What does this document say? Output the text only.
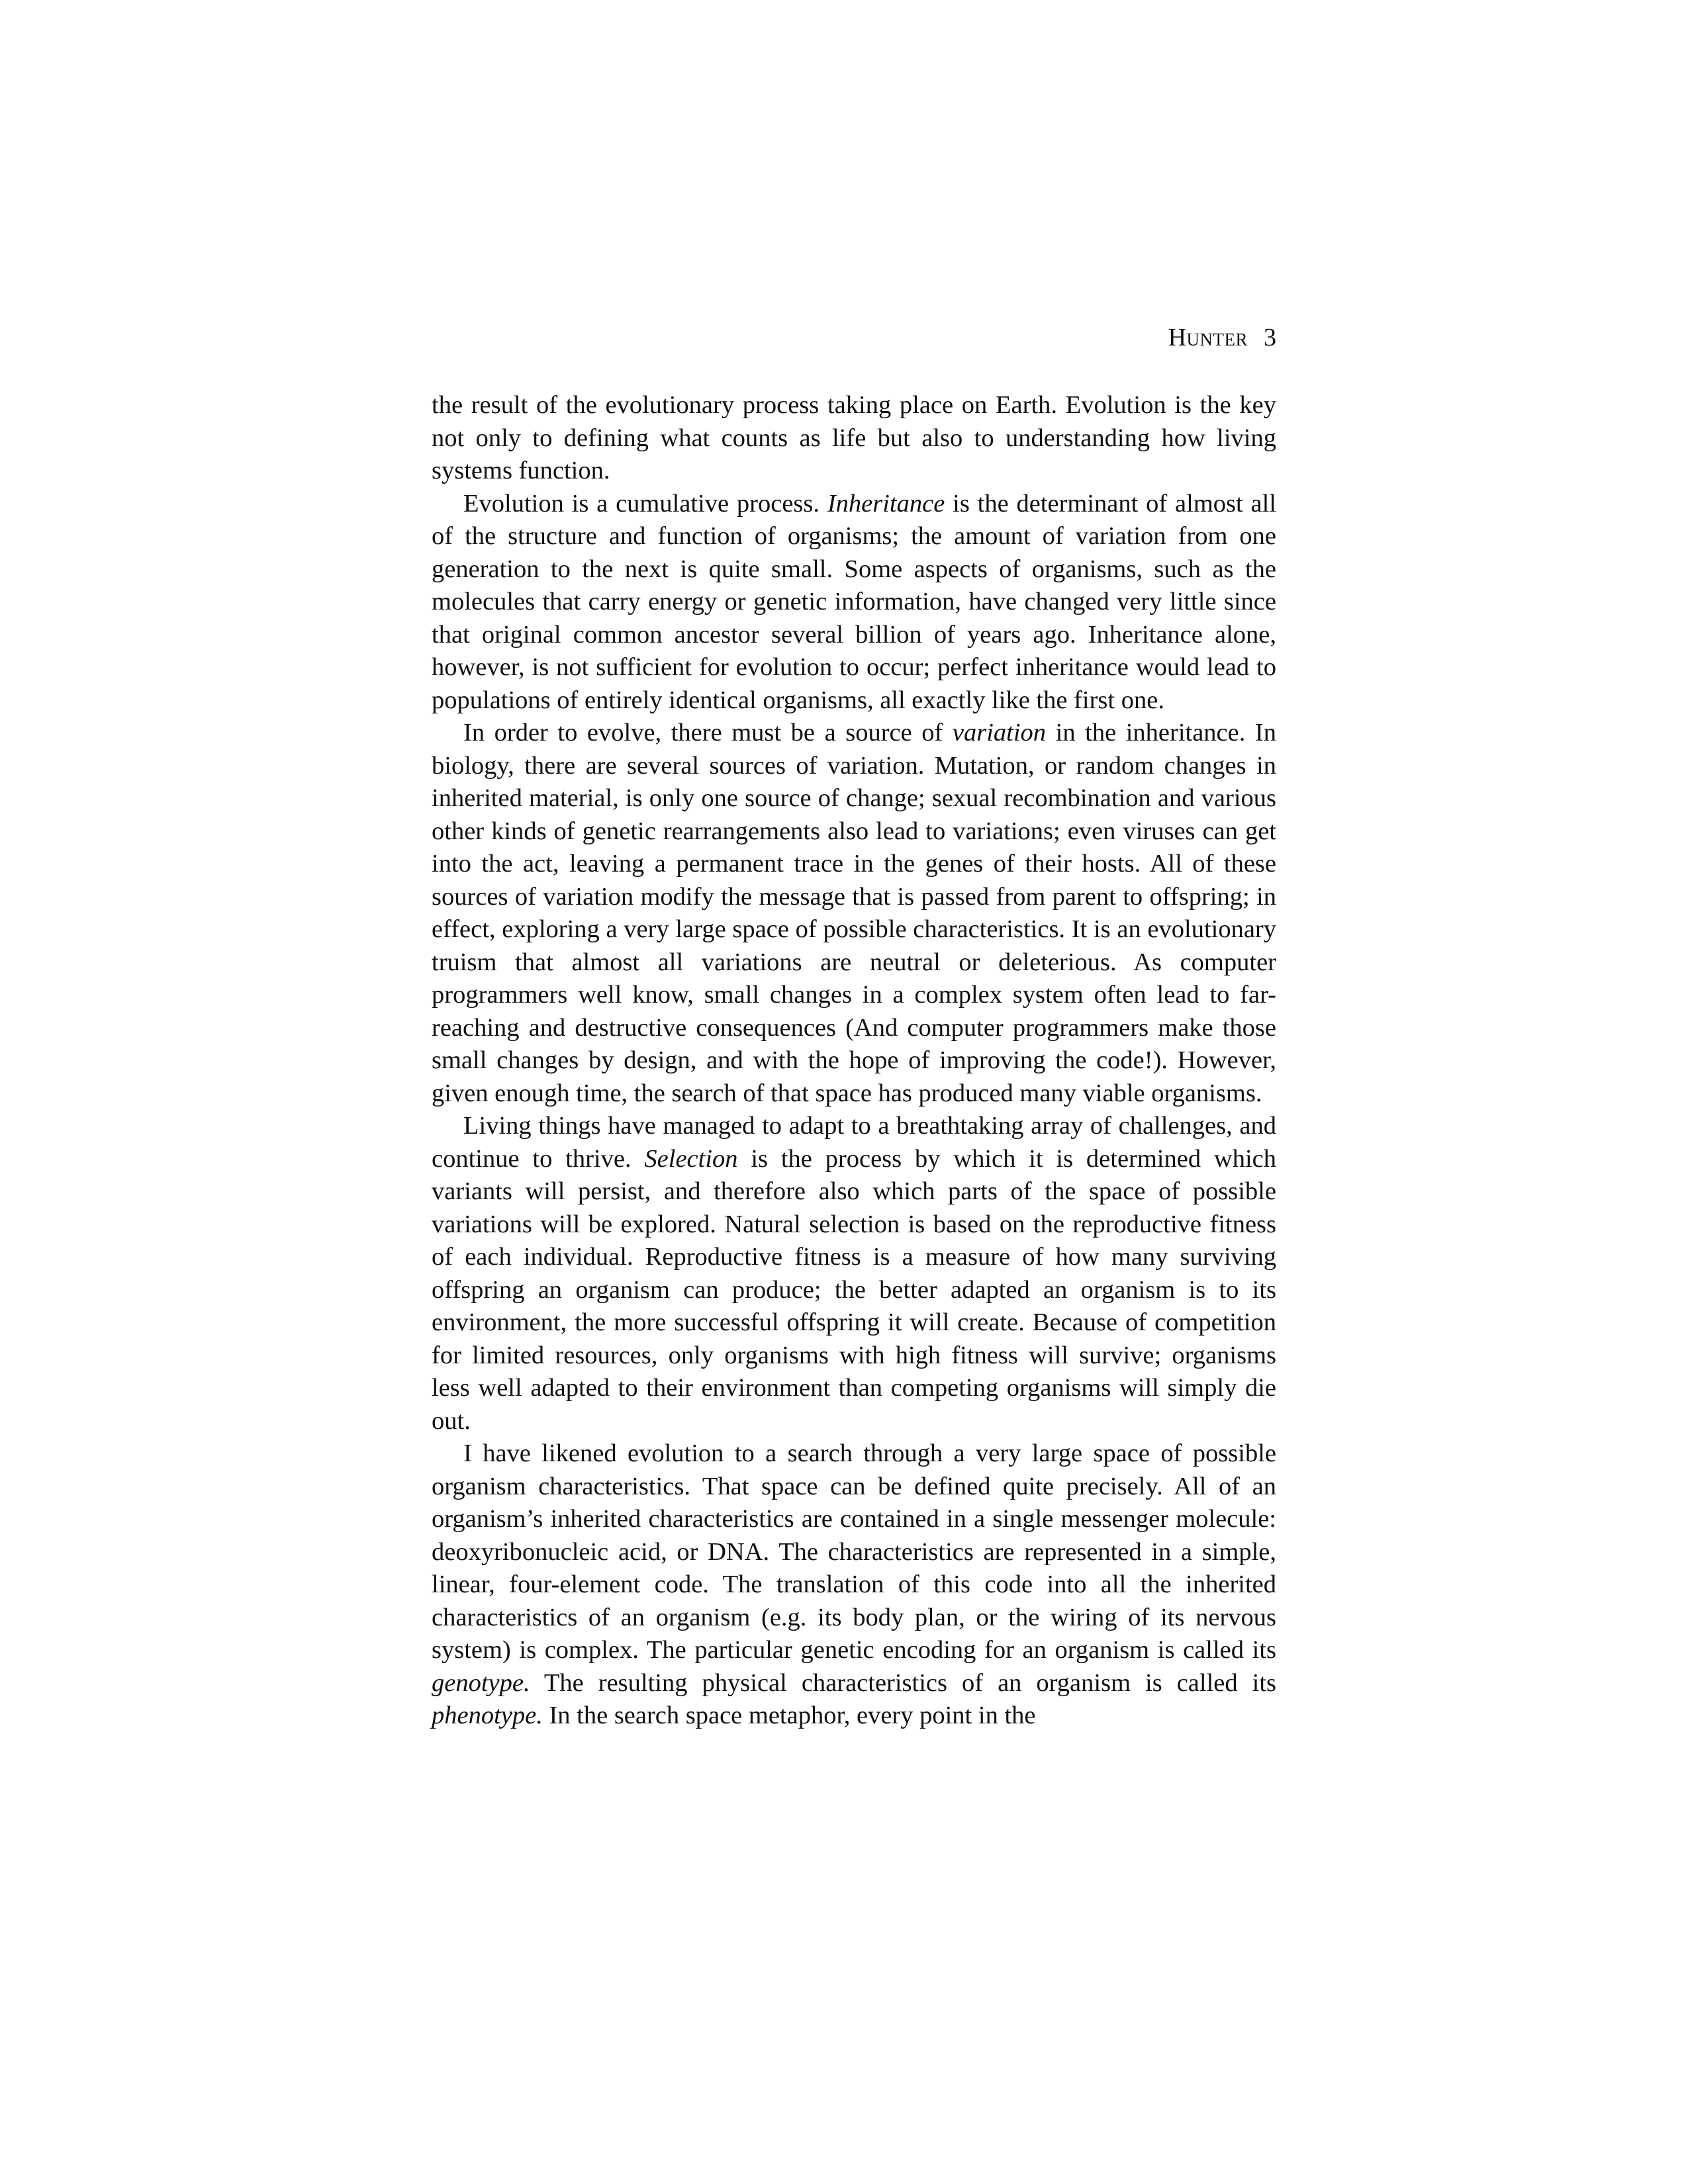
Hunter 3

the result of the evolutionary process taking place on Earth. Evolution is the key not only to defining what counts as life but also to understanding how living systems function.

Evolution is a cumulative process. Inheritance is the determinant of almost all of the structure and function of organisms; the amount of variation from one generation to the next is quite small. Some aspects of organisms, such as the molecules that carry energy or genetic information, have changed very little since that original common ancestor several billion of years ago. Inheritance alone, however, is not sufficient for evolution to occur; perfect inheritance would lead to populations of entirely identical organisms, all exactly like the first one.

In order to evolve, there must be a source of variation in the inheritance. In biology, there are several sources of variation. Mutation, or random changes in inherited material, is only one source of change; sexual recombination and various other kinds of genetic rearrangements also lead to variations; even viruses can get into the act, leaving a permanent trace in the genes of their hosts. All of these sources of variation modify the message that is passed from parent to offspring; in effect, exploring a very large space of possible characteristics. It is an evolutionary truism that almost all variations are neutral or deleterious. As computer programmers well know, small changes in a complex system often lead to far-reaching and destructive consequences (And computer programmers make those small changes by design, and with the hope of improving the code!). However, given enough time, the search of that space has produced many viable organisms.

Living things have managed to adapt to a breathtaking array of challenges, and continue to thrive. Selection is the process by which it is determined which variants will persist, and therefore also which parts of the space of possible variations will be explored. Natural selection is based on the reproductive fitness of each individual. Reproductive fitness is a measure of how many surviving offspring an organism can produce; the better adapted an organism is to its environment, the more successful offspring it will create. Because of competition for limited resources, only organisms with high fitness will survive; organisms less well adapted to their environment than competing organisms will simply die out.

I have likened evolution to a search through a very large space of possible organism characteristics. That space can be defined quite precisely. All of an organism’s inherited characteristics are contained in a single messenger molecule: deoxyribonucleic acid, or DNA. The characteristics are represented in a simple, linear, four-element code. The translation of this code into all the inherited characteristics of an organism (e.g. its body plan, or the wiring of its nervous system) is complex. The particular genetic encoding for an organism is called its genotype. The resulting physical characteristics of an organism is called its phenotype. In the search space metaphor, every point in the
